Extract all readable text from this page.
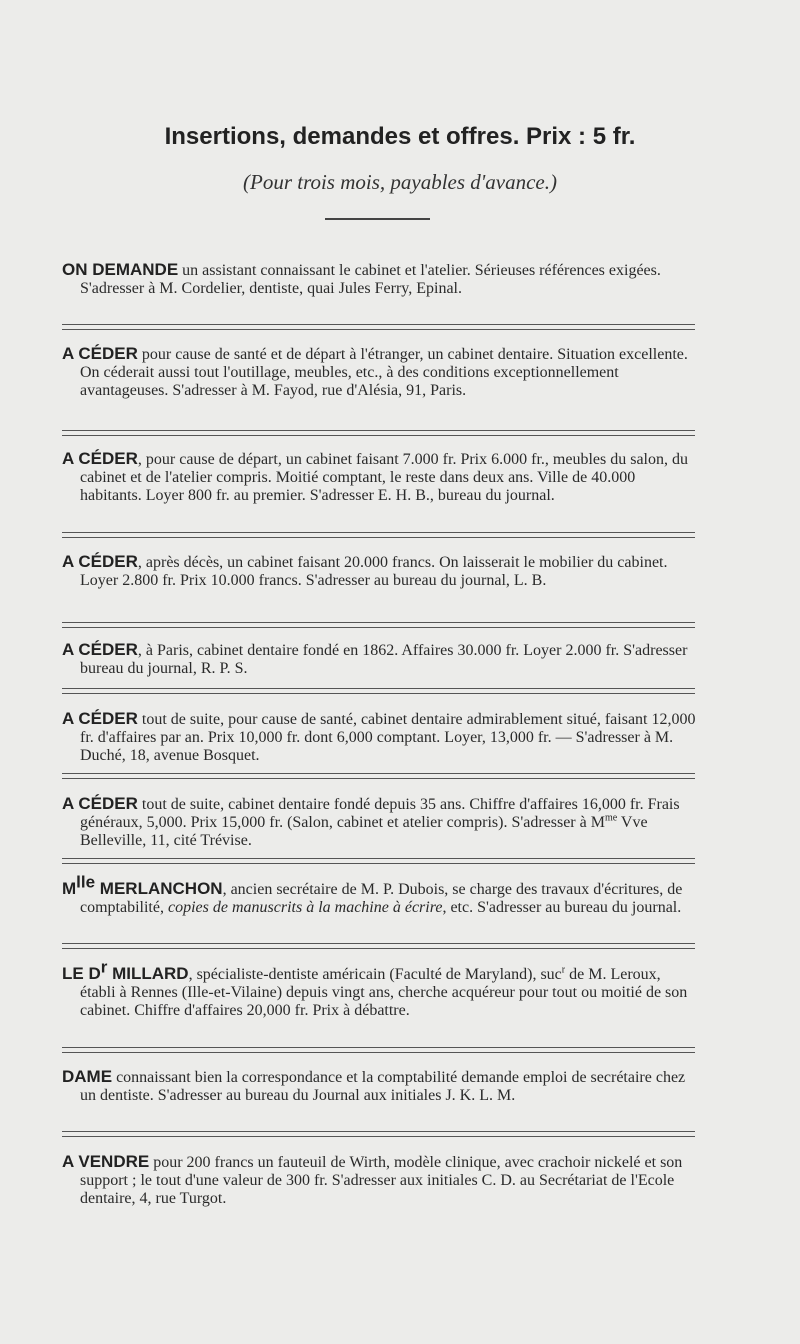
Insertions, demandes et offres. Prix : 5 fr.
(Pour trois mois, payables d'avance.)

ON DEMANDE un assistant connaissant le cabinet et l'atelier. Sérieuses références exigées. S'adresser à M. Cordelier, dentiste, quai Jules Ferry, Epinal.

A CÉDER pour cause de santé et de départ à l'étranger, un cabinet dentaire. Situation excellente. On céderait aussi tout l'outillage, meubles, etc., à des conditions exceptionnellement avantageuses. S'adresser à M. Fayod, rue d'Alésia, 91, Paris.

A CÉDER, pour cause de départ, un cabinet faisant 7.000 fr. Prix 6.000 fr., meubles du salon, du cabinet et de l'atelier compris. Moitié comptant, le reste dans deux ans. Ville de 40.000 habitants. Loyer 800 fr. au premier. S'adresser E. H. B., bureau du journal.

A CÉDER, après décès, un cabinet faisant 20.000 francs. On laisserait le mobilier du cabinet. Loyer 2.800 fr. Prix 10.000 francs. S'adresser au bureau du journal, L. B.

A CÉDER, à Paris, cabinet dentaire fondé en 1862. Affaires 30.000 fr. Loyer 2.000 fr. S'adresser bureau du journal, R. P. S.

A CÉDER tout de suite, pour cause de santé, cabinet dentaire admirablement situé, faisant 12,000 fr. d'affaires par an. Prix 10,000 fr. dont 6,000 comptant. Loyer, 13,000 fr. — S'adresser à M. Duché, 18, avenue Bosquet.

A CÉDER tout de suite, cabinet dentaire fondé depuis 35 ans. Chiffre d'affaires 16,000 fr. Frais généraux, 5,000. Prix 15,000 fr. (Salon, cabinet et atelier compris). S'adresser à $M^{me}$ Vve Belleville, 11, cité Trévise.

$M^{lle}$ MERLANCHON, ancien secrétaire de M. P. Dubois, se charge des travaux d'écritures, de comptabilité, copies de manuscrits à la machine à écrire, etc. S'adresser au bureau du journal.

LE $D^r$ MILLARD, spécialiste-dentiste américain (Faculté de Maryland), suc$^r$ de M. Leroux, établi à Rennes (Ille-et-Vilaine) depuis vingt ans, cherche acquéreur pour tout ou moitié de son cabinet. Chiffre d'affaires 20,000 fr. Prix à débattre.

DAME connaissant bien la correspondance et la comptabilité demande emploi de secrétaire chez un dentiste. S'adresser au bureau du Journal aux initiales J. K. L. M.

A VENDRE pour 200 francs un fauteuil de Wirth, modèle clinique, avec crachoir nickelé et son support ; le tout d'une valeur de 300 fr. S'adresser aux initiales C. D. au Secrétariat de l'Ecole dentaire, 4, rue Turgot.
